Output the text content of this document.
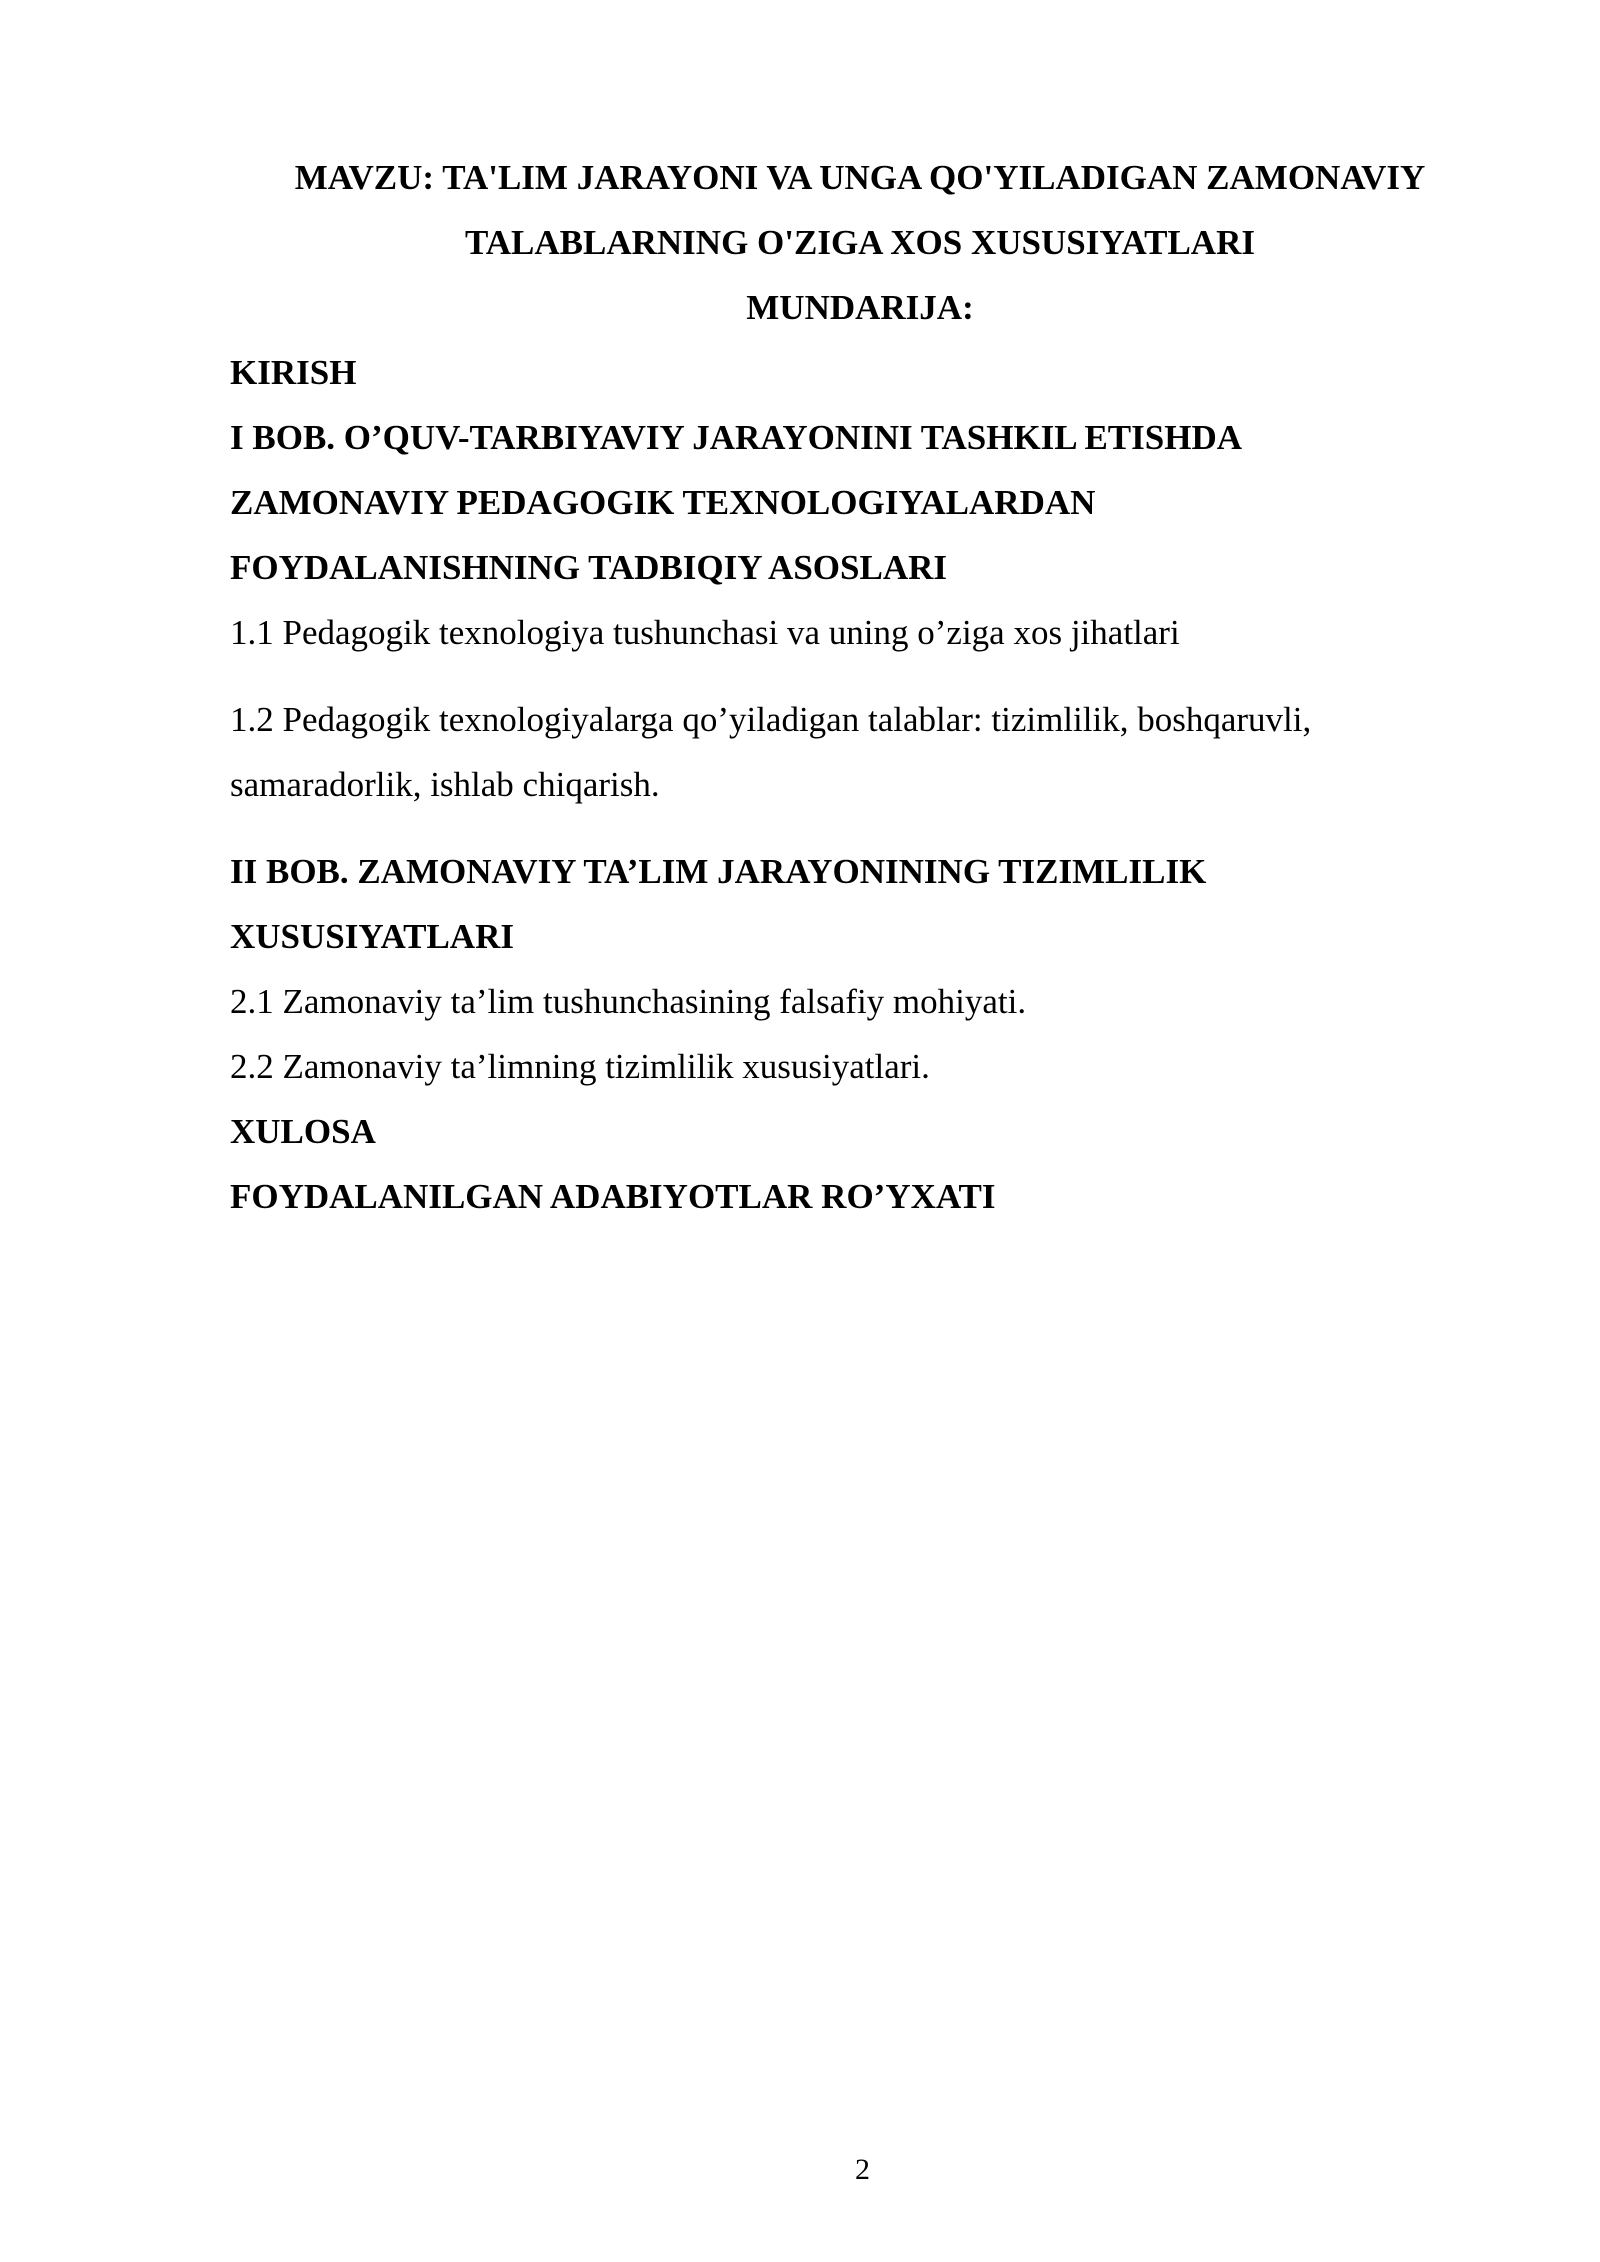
MAVZU: TA'LIM JARAYONI VA UNGA QO'YILADIGAN ZAMONAVIY
TALABLARNING O'ZIGA XOS XUSUSIYATLARI
MUNDARIJA:
KIRISH
I BOB. O’QUV-TARBIYAVIY JARAYONINI TASHKIL ETISHDA
ZAMONAVIY PEDAGOGIK TEXNOLOGIYALARDAN
FOYDALANISHNING TADBIQIY ASOSLARI
1.1 Pedagogik texnologiya tushunchasi va uning o’ziga xos jihatlari
1.2 Pedagogik texnologiyalarga qo’yiladigan talablar: tizimlilik, boshqaruvli,
samaradorlik, ishlab chiqarish.
II BOB. ZAMONAVIY TA’LIM JARAYONINING TIZIMLILIK
XUSUSIYATLARI
2.1 Zamonaviy ta’lim tushunchasining falsafiy mohiyati.
2.2 Zamonaviy ta’limning tizimlilik xususiyatlari.
XULOSA
FOYDALANILGAN ADABIYOTLAR RO’YXATI
2
